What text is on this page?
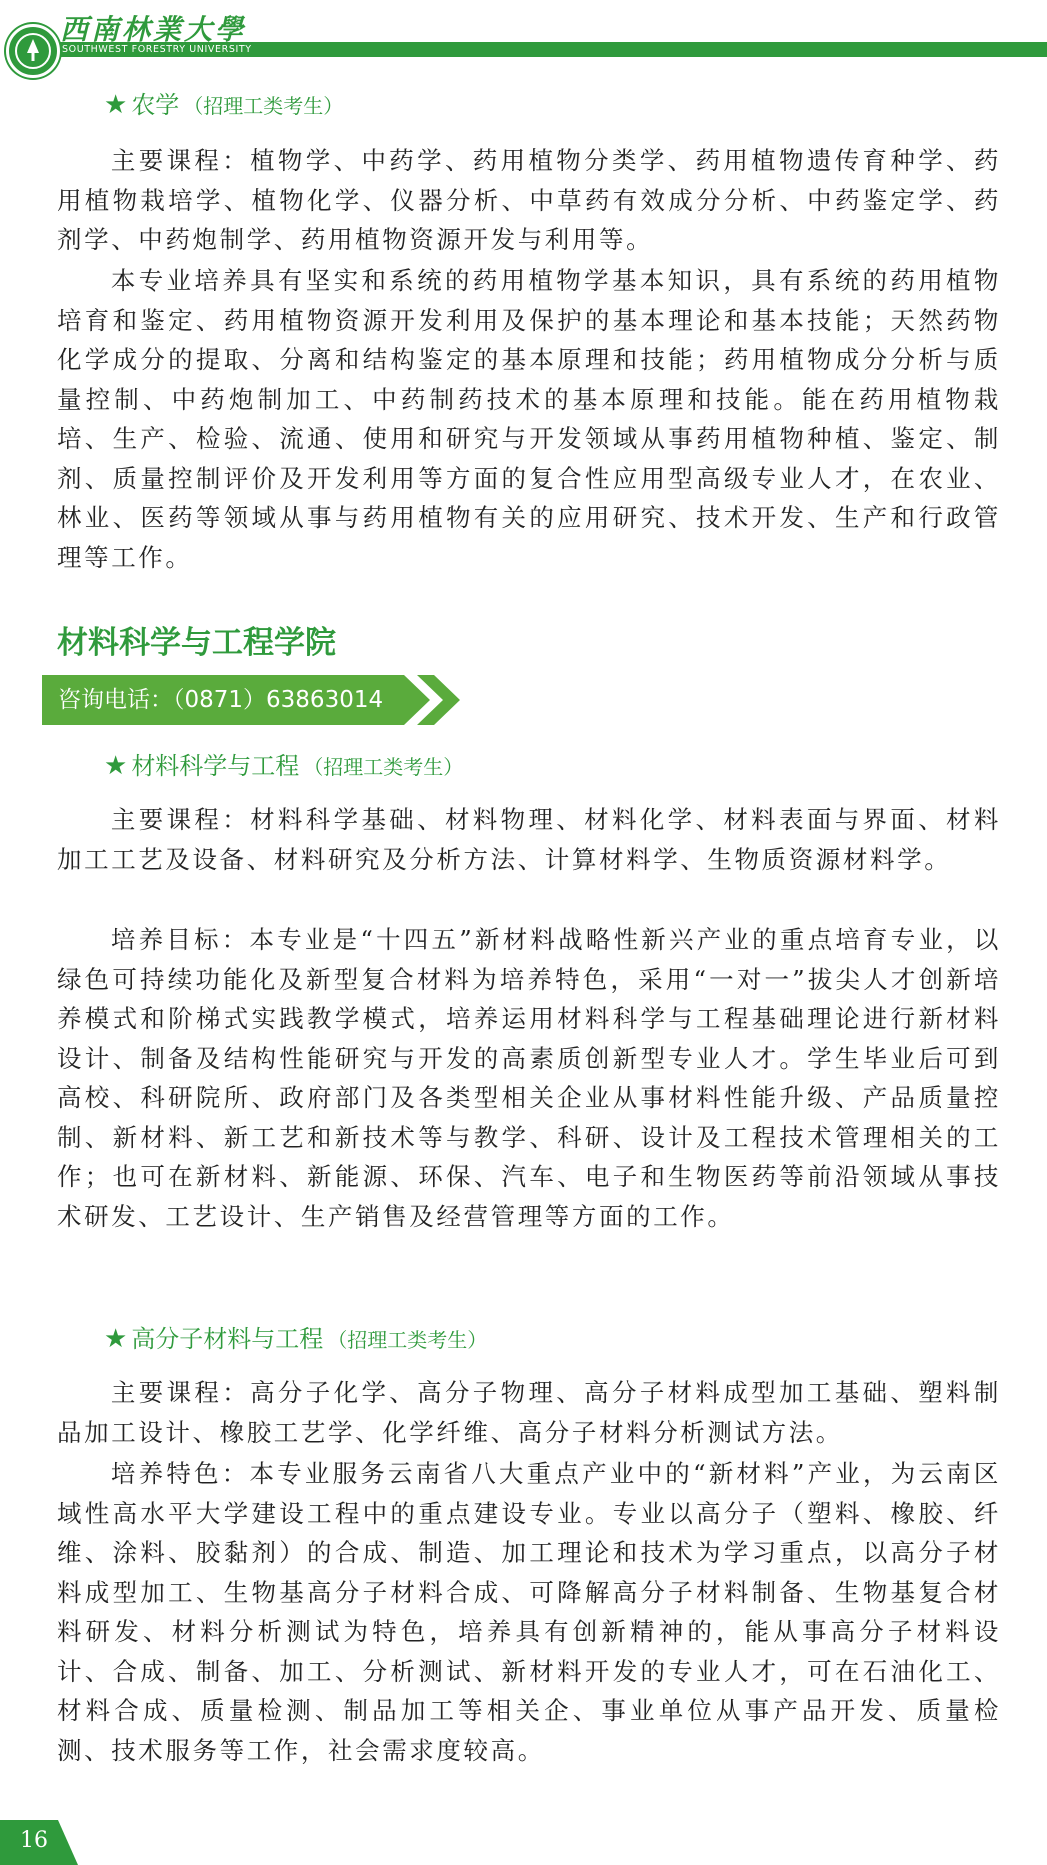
西南林業大學
SOUTHWEST FORESTRY UNIVERSITY
★ 农学 （招理工类考生）

主要课程：植物学、中药学、药用植物分类学、药用植物遗传育种学、药用植物栽培学、植物化学、仪器分析、中草药有效成分分析、中药鉴定学、药剂学、中药炮制学、药用植物资源开发与利用等。

本专业培养具有坚实和系统的药用植物学基本知识，具有系统的药用植物培育和鉴定、药用植物资源开发利用及保护的基本理论和基本技能；天然药物化学成分的提取、分离和结构鉴定的基本原理和技能；药用植物成分分析与质量控制、中药炮制加工、中药制药技术的基本原理和技能。能在药用植物栽培、生产、检验、流通、使用和研究与开发领域从事药用植物种植、鉴定、制剂、质量控制评价及开发利用等方面的复合性应用型高级专业人才，在农业、林业、医药等领域从事与药用植物有关的应用研究、技术开发、生产和行政管理等工作。

材料科学与工程学院
咨询电话：（0871）63863014
★ 材料科学与工程 （招理工类考生）

主要课程：材料科学基础、材料物理、材料化学、材料表面与界面、材料加工工艺及设备、材料研究及分析方法、计算材料学、生物质资源材料学。

培养目标：本专业是“十四五”新材料战略性新兴产业的重点培育专业，以绿色可持续功能化及新型复合材料为培养特色，采用“一对一”拔尖人才创新培养模式和阶梯式实践教学模式，培养运用材料科学与工程基础理论进行新材料设计、制备及结构性能研究与开发的高素质创新型专业人才。学生毕业后可到高校、科研院所、政府部门及各类型相关企业从事材料性能升级、产品质量控制、新材料、新工艺和新技术等与教学、科研、设计及工程技术管理相关的工作；也可在新材料、新能源、环保、汽车、电子和生物医药等前沿领域从事技术研发、工艺设计、生产销售及经营管理等方面的工作。

★ 高分子材料与工程 （招理工类考生）

主要课程：高分子化学、高分子物理、高分子材料成型加工基础、塑料制品加工设计、橡胶工艺学、化学纤维、高分子材料分析测试方法。

培养特色：本专业服务云南省八大重点产业中的“新材料”产业，为云南区域性高水平大学建设工程中的重点建设专业。专业以高分子（塑料、橡胶、纤维、涂料、胶黏剂）的合成、制造、加工理论和技术为学习重点，以高分子材料成型加工、生物基高分子材料合成、可降解高分子材料制备、生物基复合材料研发、材料分析测试为特色，培养具有创新精神的，能从事高分子材料设计、合成、制备、加工、分析测试、新材料开发的专业人才，可在石油化工、材料合成、质量检测、制品加工等相关企、事业单位从事产品开发、质量检测、技术服务等工作，社会需求度较高。

16
